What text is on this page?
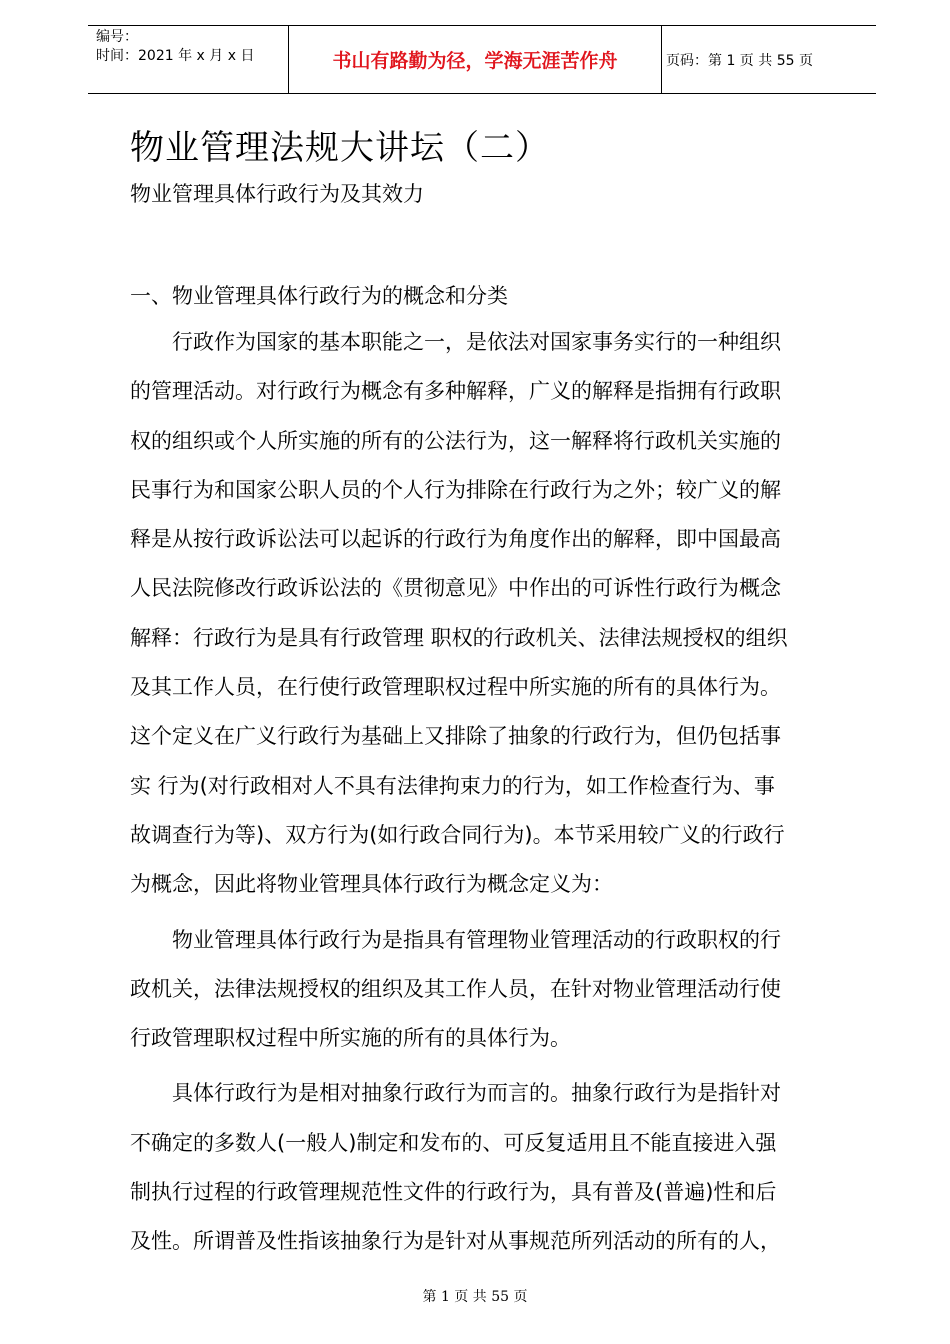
编号：
时间：2021 年 x 月 x 日	书山有路勤为径，学海无涯苦作舟	页码：第 1 页 共 55 页
物业管理法规大讲坛（二）
物业管理具体行政行为及其效力
一、物业管理具体行政行为的概念和分类
　　行政作为国家的基本职能之一，是依法对国家事务实行的一种组织
的管理活动。对行政行为概念有多种解释，广义的解释是指拥有行政职
权的组织或个人所实施的所有的公法行为，这一解释将行政机关实施的
民事行为和国家公职人员的个人行为排除在行政行为之外；较广义的解
释是从按行政诉讼法可以起诉的行政行为角度作出的解释，即中国最高
人民法院修改行政诉讼法的《贯彻意见》中作出的可诉性行政行为概念
解释：行政行为是具有行政管理 职权的行政机关、法律法规授权的组织
及其工作人员，在行使行政管理职权过程中所实施的所有的具体行为。
这个定义在广义行政行为基础上又排除了抽象的行政行为，但仍包括事
实 行为(对行政相对人不具有法律拘束力的行为，如工作检查行为、事
故调查行为等)、双方行为(如行政合同行为)。本节采用较广义的行政行
为概念，因此将物业管理具体行政行为概念定义为：
　　物业管理具体行政行为是指具有管理物业管理活动的行政职权的行
政机关，法律法规授权的组织及其工作人员，在针对物业管理活动行使
行政管理职权过程中所实施的所有的具体行为。
　　具体行政行为是相对抽象行政行为而言的。抽象行政行为是指针对
不确定的多数人(一般人)制定和发布的、可反复适用且不能直接进入强
制执行过程的行政管理规范性文件的行政行为，具有普及(普遍)性和后
及性。所谓普及性指该抽象行为是针对从事规范所列活动的所有的人，
第 1 页 共 55 页
